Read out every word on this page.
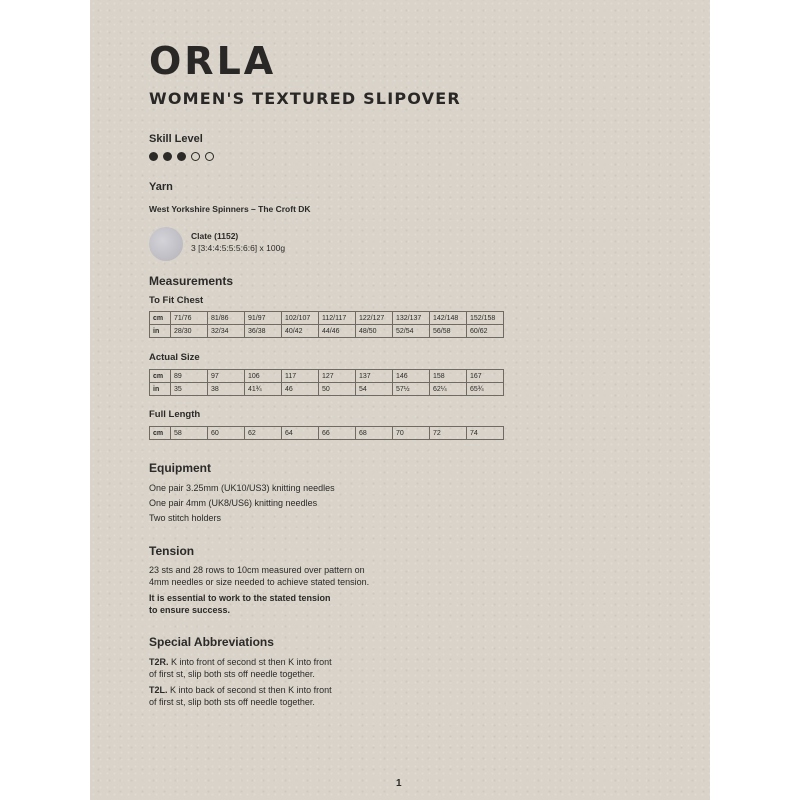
ORLA
WOMEN'S TEXTURED SLIPOVER
Skill Level
Yarn
West Yorkshire Spinners – The Croft DK
Clate (1152)
3 [3:4:4:5:5:5:6:6] x 100g
Measurements
To Fit Chest
cm	71/76	81/86	91/97	102/107	112/117	122/127	132/137	142/148	152/158
in	28/30	32/34	36/38	40/42	44/46	48/50	52/54	56/58	60/62
Actual Size
cm	89	97	106	117	127	137	146	158	167
in	35	38	41¾	46	50	54	57½	62¼	65¾
Full Length
cm	58	60	62	64	66	68	70	72	74
Equipment
One pair 3.25mm (UK10/US3) knitting needles
One pair 4mm (UK8/US6) knitting needles
Two stitch holders
Tension
23 sts and 28 rows to 10cm measured over pattern on
4mm needles or size needed to achieve stated tension.
It is essential to work to the stated tension
to ensure success.
Special Abbreviations
T2R. K into front of second st then K into front
of first st, slip both sts off needle together.
T2L. K into back of second st then K into front
of first st, slip both sts off needle together.
1
